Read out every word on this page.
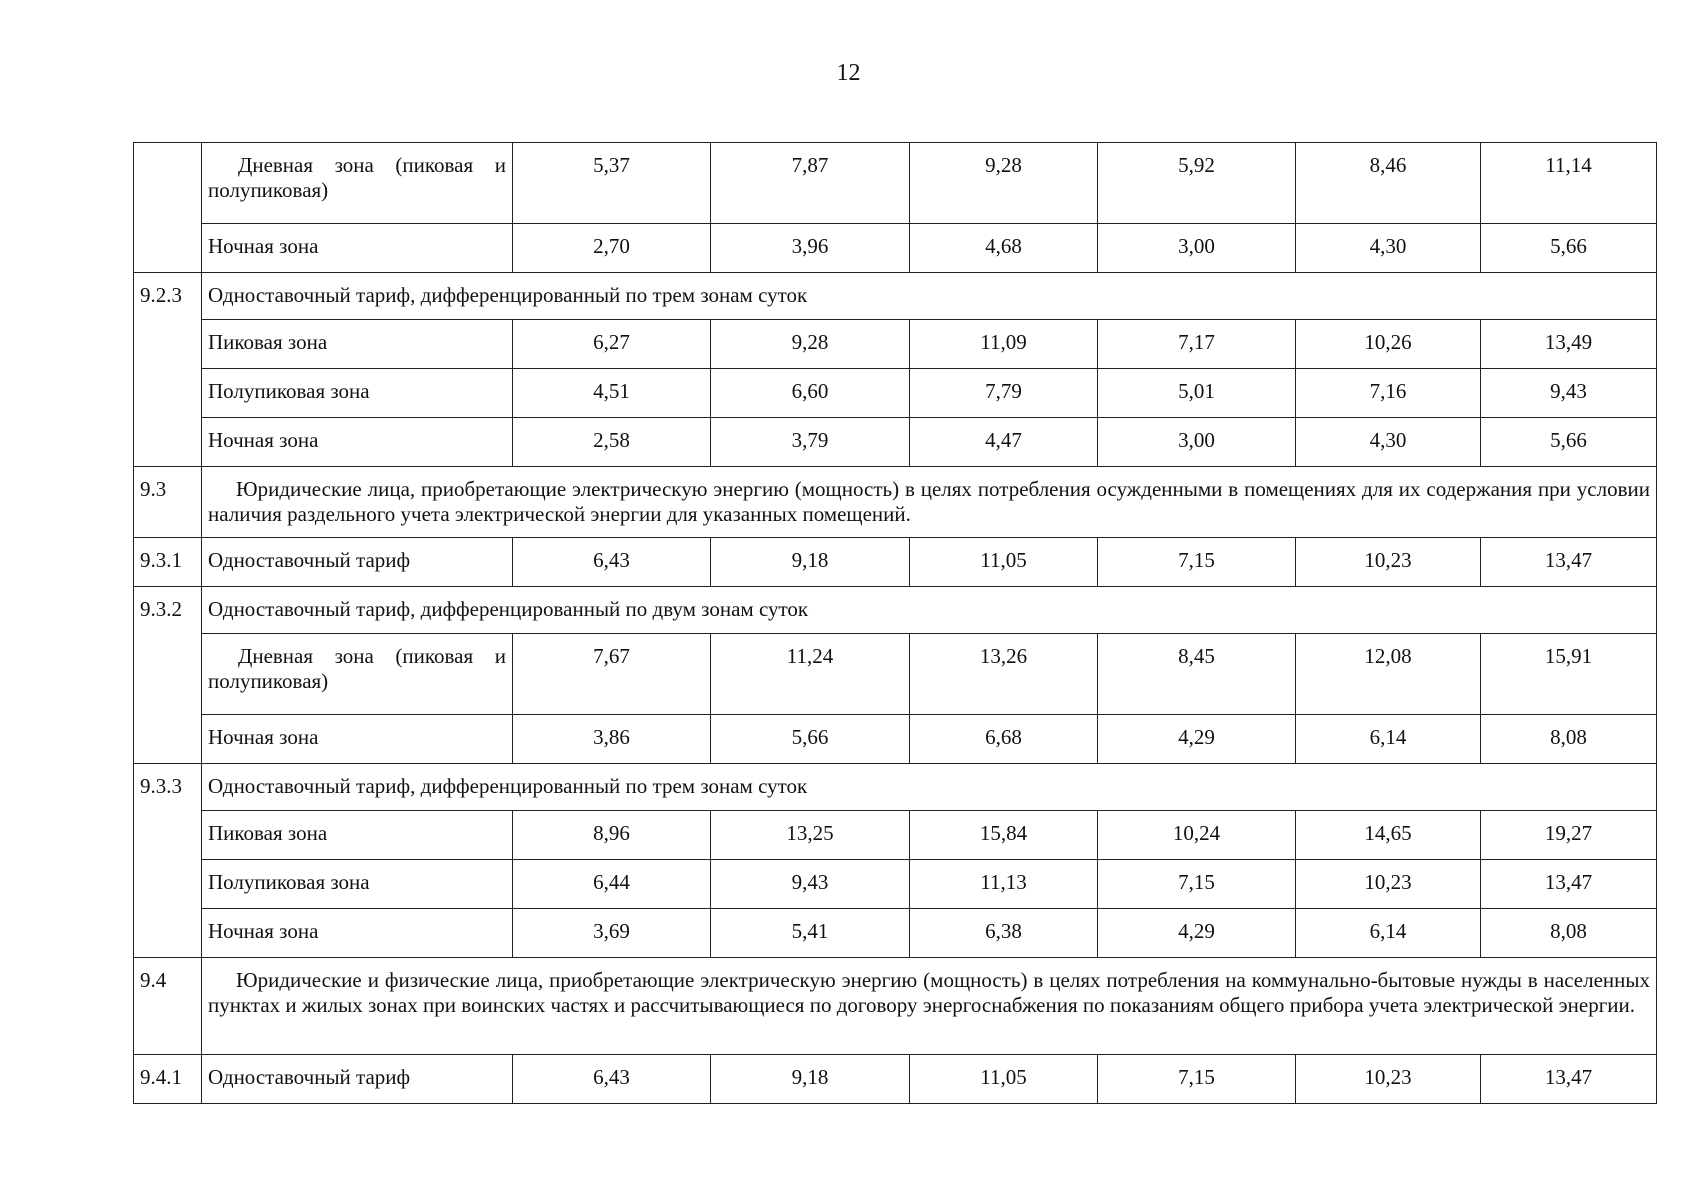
12
	Дневная зона (пиковая и полупиковая)	5,37	7,87	9,28	5,92	8,46	11,14
	Ночная зона	2,70	3,96	4,68	3,00	4,30	5,66
9.2.3	Одноставочный тариф, дифференцированный по трем зонам суток						
	Пиковая зона	6,27	9,28	11,09	7,17	10,26	13,49
	Полупиковая зона	4,51	6,60	7,79	5,01	7,16	9,43
	Ночная зона	2,58	3,79	4,47	3,00	4,30	5,66
9.3	Юридические лица, приобретающие электрическую энергию (мощность) в целях потребления осужденными в помещениях для их содержания при условии наличия раздельного учета электрической энергии для указанных помещений.						
9.3.1	Одноставочный тариф	6,43	9,18	11,05	7,15	10,23	13,47
9.3.2	Одноставочный тариф, дифференцированный по двум зонам суток						
	Дневная зона (пиковая и полупиковая)	7,67	11,24	13,26	8,45	12,08	15,91
	Ночная зона	3,86	5,66	6,68	4,29	6,14	8,08
9.3.3	Одноставочный тариф, дифференцированный по трем зонам суток						
	Пиковая зона	8,96	13,25	15,84	10,24	14,65	19,27
	Полупиковая зона	6,44	9,43	11,13	7,15	10,23	13,47
	Ночная зона	3,69	5,41	6,38	4,29	6,14	8,08
9.4	Юридические и физические лица, приобретающие электрическую энергию (мощность) в целях потребления на коммунально-бытовые нужды в населенных пунктах и жилых зонах при воинских частях и рассчитывающиеся по договору энергоснабжения по показаниям общего прибора учета электрической энергии.						
9.4.1	Одноставочный тариф	6,43	9,18	11,05	7,15	10,23	13,47
